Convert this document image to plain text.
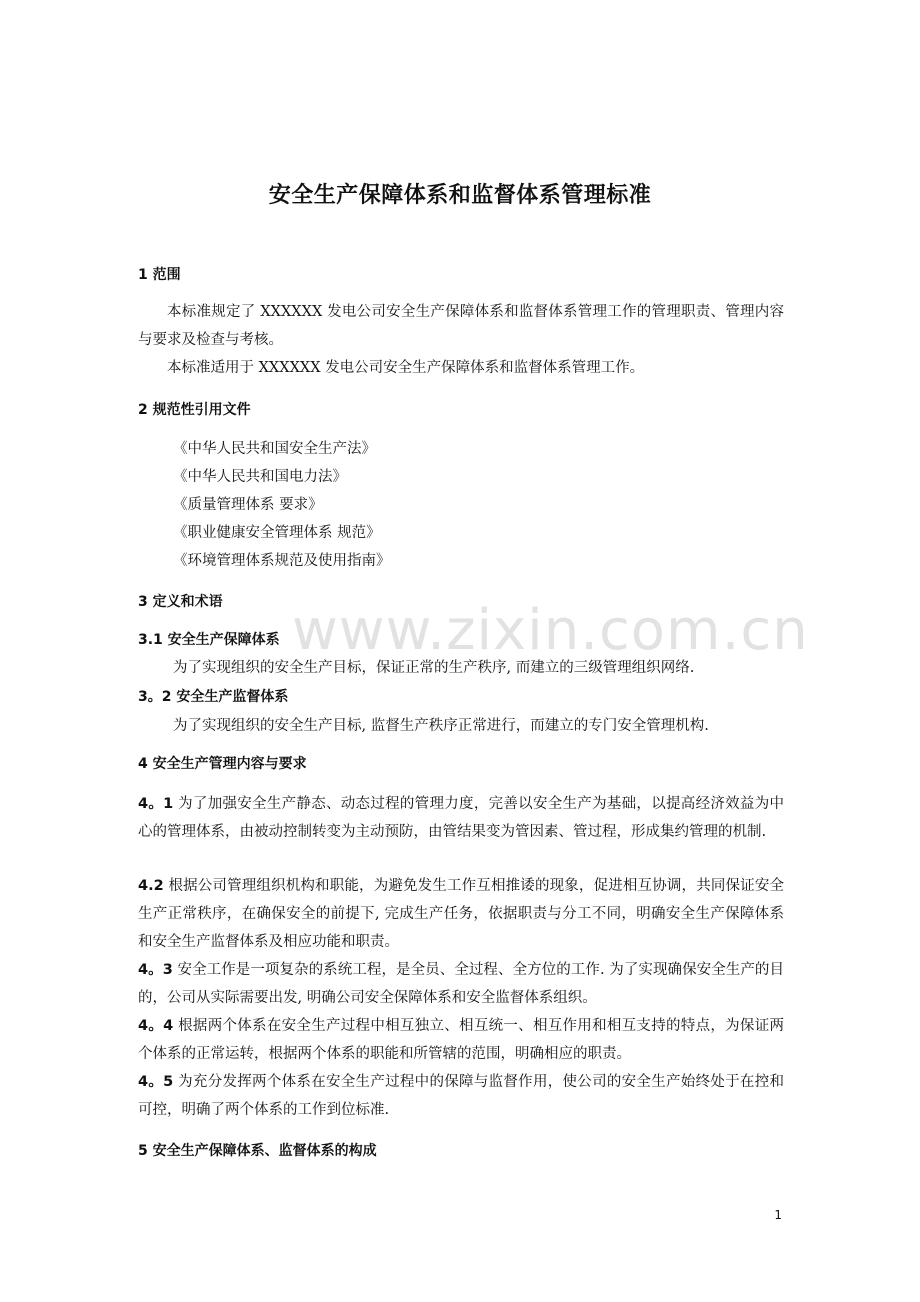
安全生产保障体系和监督体系管理标准
1 范围
本标准规定了 XXXXXX 发电公司安全生产保障体系和监督体系管理工作的管理职责、管理内容与要求及检查与考核。
本标准适用于 XXXXXX 发电公司安全生产保障体系和监督体系管理工作。
2 规范性引用文件
《中华人民共和国安全生产法》
《中华人民共和国电力法》
《质量管理体系 要求》
《职业健康安全管理体系 规范》
《环境管理体系规范及使用指南》
3 定义和术语
3.1 安全生产保障体系
为了实现组织的安全生产目标，保证正常的生产秩序, 而建立的三级管理组织网络.
3。2 安全生产监督体系
为了实现组织的安全生产目标, 监督生产秩序正常进行，而建立的专门安全管理机构.
4 安全生产管理内容与要求
4。1 为了加强安全生产静态、动态过程的管理力度，完善以安全生产为基础，以提高经济效益为中心的管理体系，由被动控制转变为主动预防，由管结果变为管因素、管过程，形成集约管理的机制.
4.2 根据公司管理组织机构和职能，为避免发生工作互相推诿的现象，促进相互协调，共同保证安全生产正常秩序，在确保安全的前提下, 完成生产任务，依据职责与分工不同，明确安全生产保障体系和安全生产监督体系及相应功能和职责。
4。3 安全工作是一项复杂的系统工程，是全员、全过程、全方位的工作. 为了实现确保安全生产的目的，公司从实际需要出发, 明确公司安全保障体系和安全监督体系组织。
4。4 根据两个体系在安全生产过程中相互独立、相互统一、相互作用和相互支持的特点，为保证两个体系的正常运转，根据两个体系的职能和所管辖的范围，明确相应的职责。
4。5 为充分发挥两个体系在安全生产过程中的保障与监督作用，使公司的安全生产始终处于在控和可控，明确了两个体系的工作到位标准.
5 安全生产保障体系、监督体系的构成
www.zixin.com.cn
1
